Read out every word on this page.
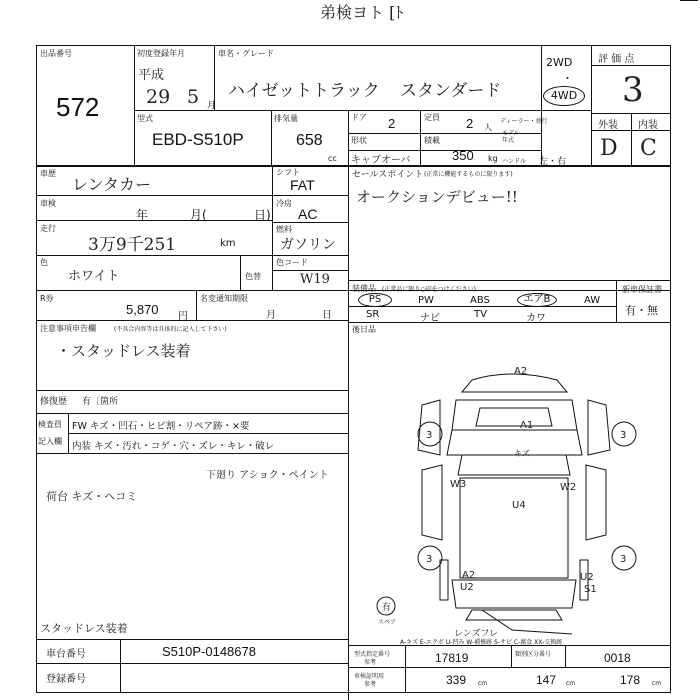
弟検ヨト [ﾄ
出品番号
572
初度登録年月
平成
29 5 月
車名・グレード
ハイゼットトラック スタンダード
2WD
・
4WD
評 価 点
3
外装 内装
D C
型式
EBD-S510P
排気量
658
cc
ドア 2	定員 2 人
ディーラー・並行
モデル
年式
形状
キャブオーバ
積載
350 kg ハンドル 左・右
車歴
レンタカー
シフト
FAT
セールスポイント (正常に機能するものに限ります)
オークションデビュー!!
車検
年	月(	日)
冷房
AC
走行
3万9千251	km
燃料
ガソリン
色
ホワイト	色替
色コード
W19
装備品 (正常品に限り○印をつけください)
PS	PW	ABS	エアB	AW
SR	ナビ	TV	カワ
新車保証書
有・無
R券
5,870 円
名変通知期限
月	日
注意事項申告欄	(不具合内容等は具体的に記入して下さい)
・スタッドレス装着
後日品
修復歴 有〔箇所
検査員
記入欄
FW キズ・凹石・ヒビ割・リペア跡・×要
内装 キズ・汚れ・コゲ・穴・ズレ・キレ・破レ
下廻り アショク・ペイント
荷台 キズ・ヘコミ
スタッドレス装着
A2
A1
キズ
3	3
3	3
W3	W2
U4
U2
A2	U2
S1
有
スペア
レンズフレ
A-キズ E-エクボ U-凹み W-補修跡 S-サビ C-腐食 XX-交換跡
車台番号	S510P-0148678
登録番号
型式指定番号
参考	17819	類別区分番号	0018
車検証明用
参考	339 cm	147 cm	178 cm
